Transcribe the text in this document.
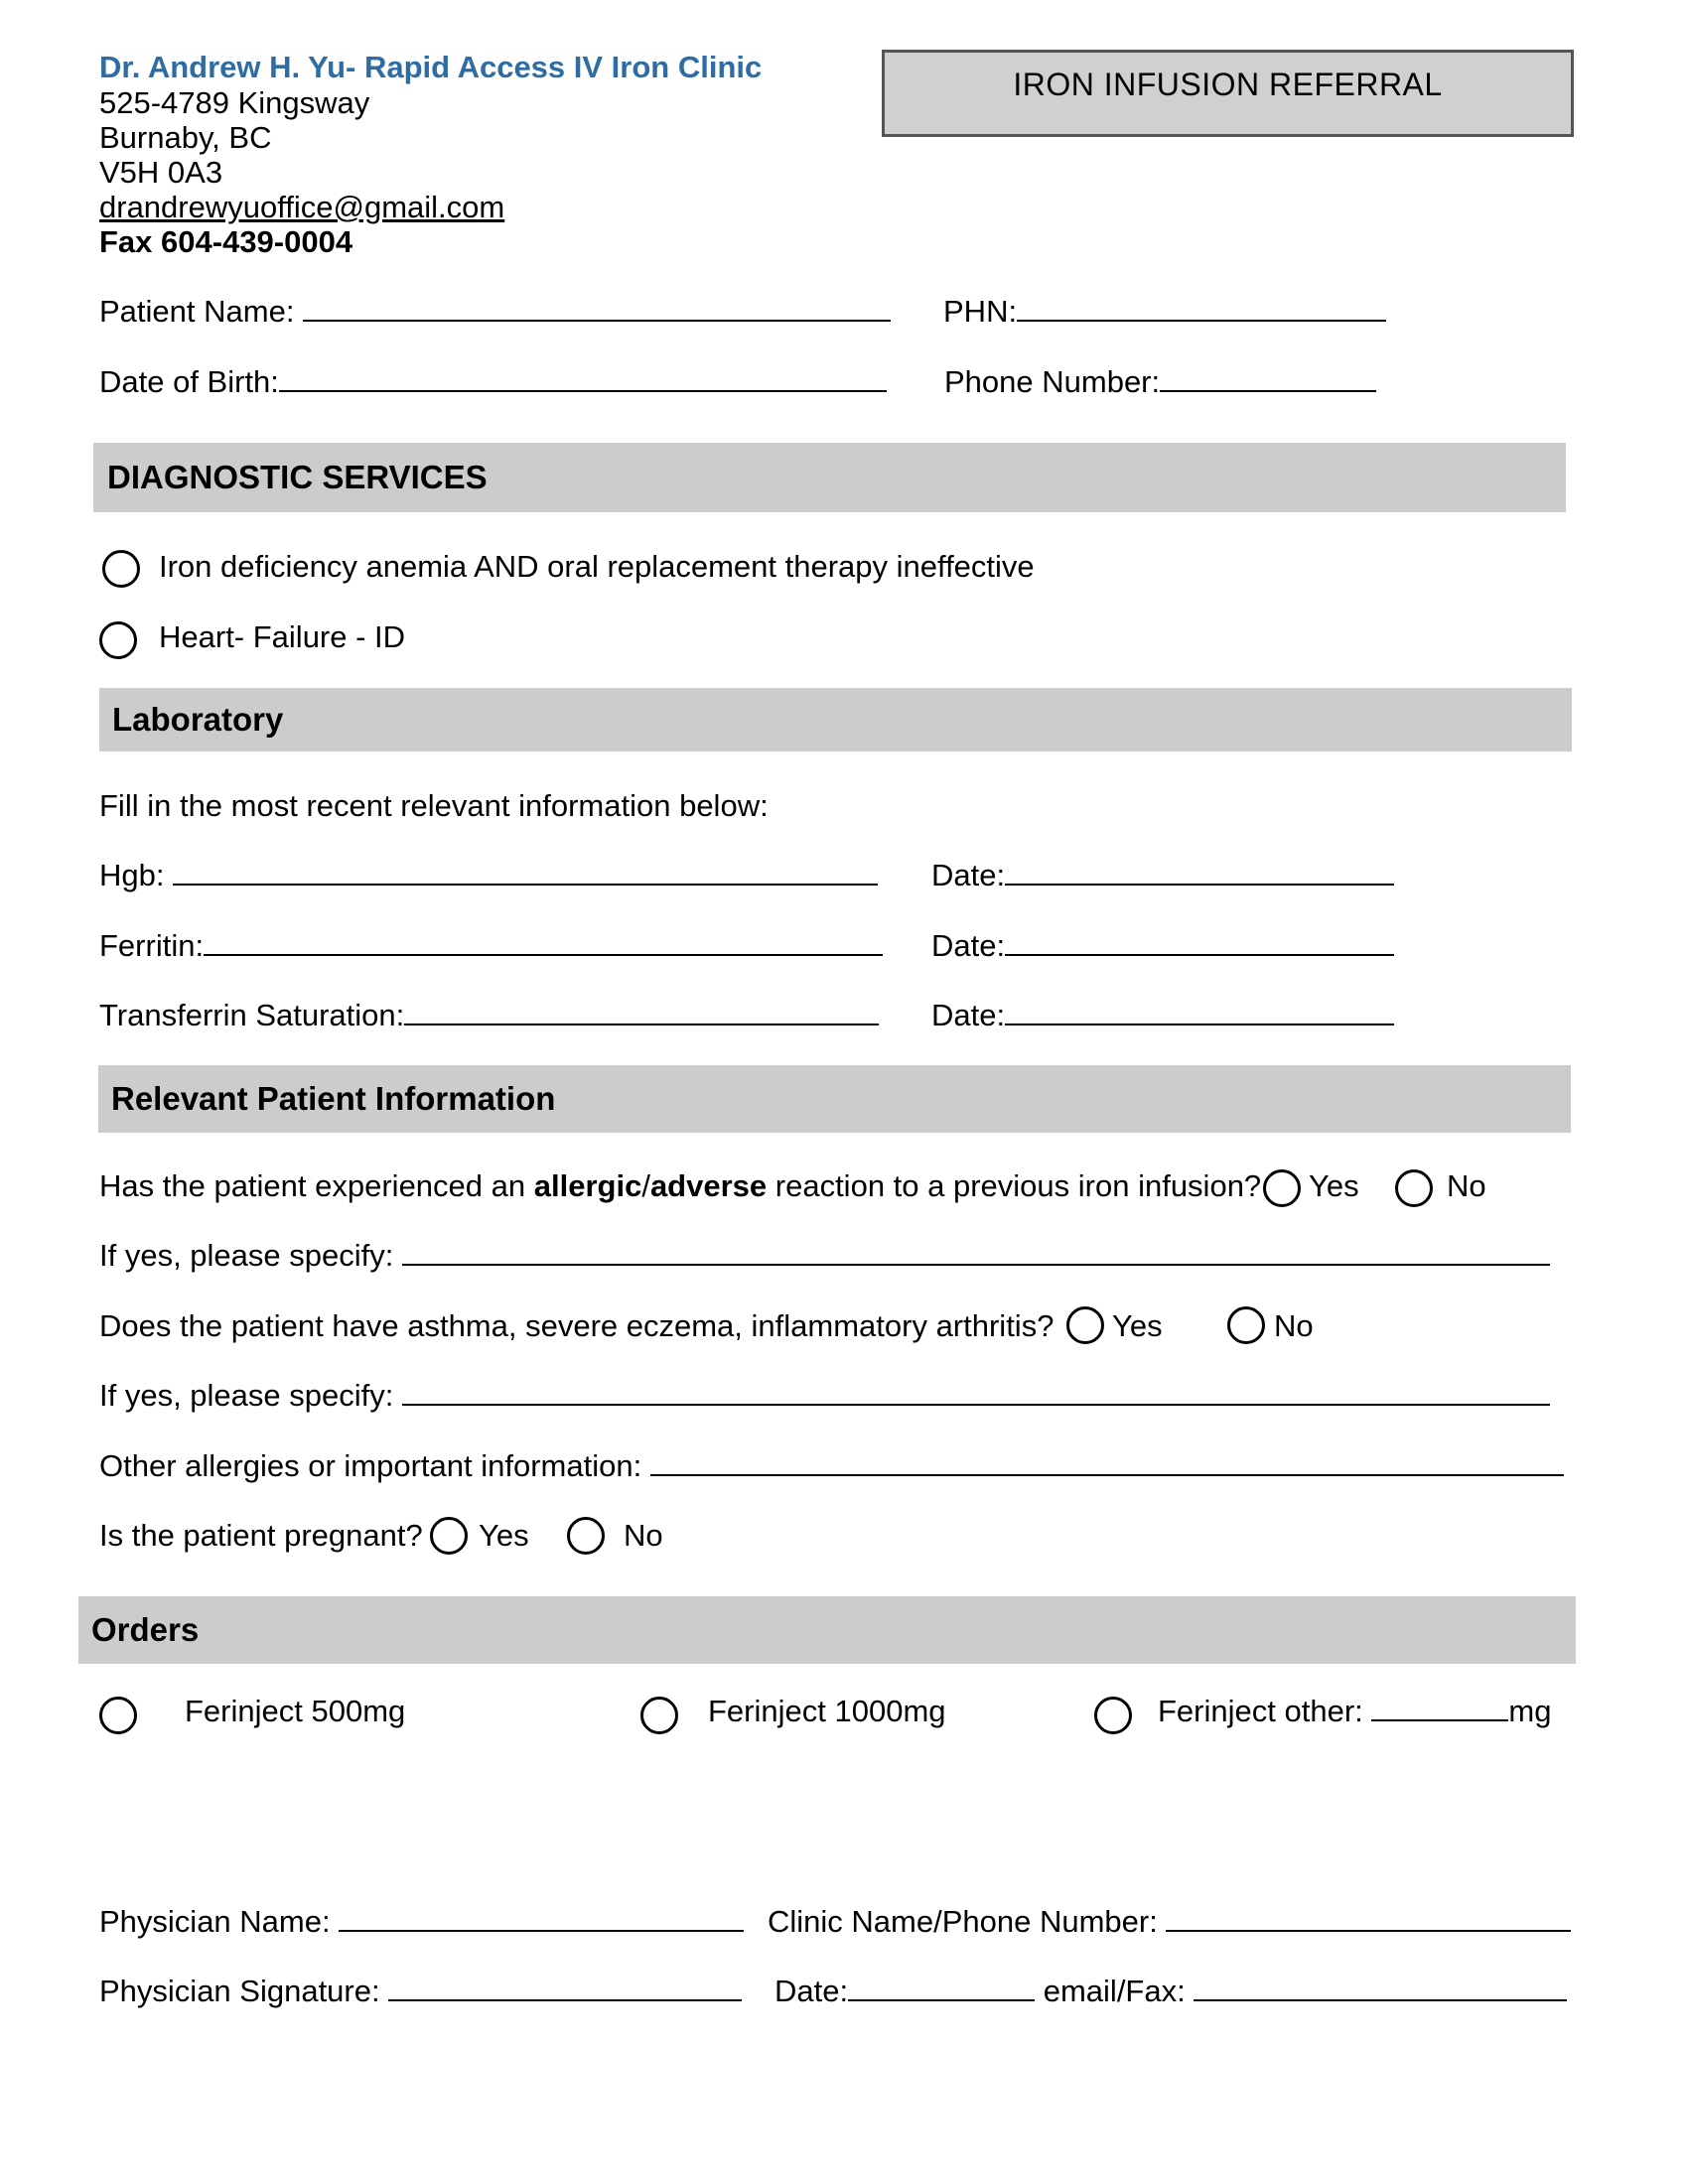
Dr. Andrew H. Yu- Rapid Access IV Iron Clinic
525-4789 Kingsway
Burnaby, BC
V5H 0A3
drandrewyuoffice@gmail.com
Fax 604-439-0004
IRON INFUSION REFERRAL
Patient Name:	PHN:
Date of Birth:	Phone Number:
DIAGNOSTIC SERVICES
Iron deficiency anemia AND oral replacement therapy ineffective
Heart- Failure - ID
Laboratory
Fill in the most recent relevant information below:
Hgb:	Date:
Ferritin:	Date:
Transferrin Saturation:	Date:
Relevant Patient Information
Has the patient experienced an allergic/adverse reaction to a previous iron infusion? Yes	No
If yes, please specify:
Does the patient have asthma, severe eczema, inflammatory arthritis? Yes	No
If yes, please specify:
Other allergies or important information:
Is the patient pregnant? Yes	No
Orders
Ferinject 500mg	Ferinject 1000mg	Ferinject other:	mg
Physician Name:	Clinic Name/Phone Number:
Physician Signature:	Date:	email/Fax:
